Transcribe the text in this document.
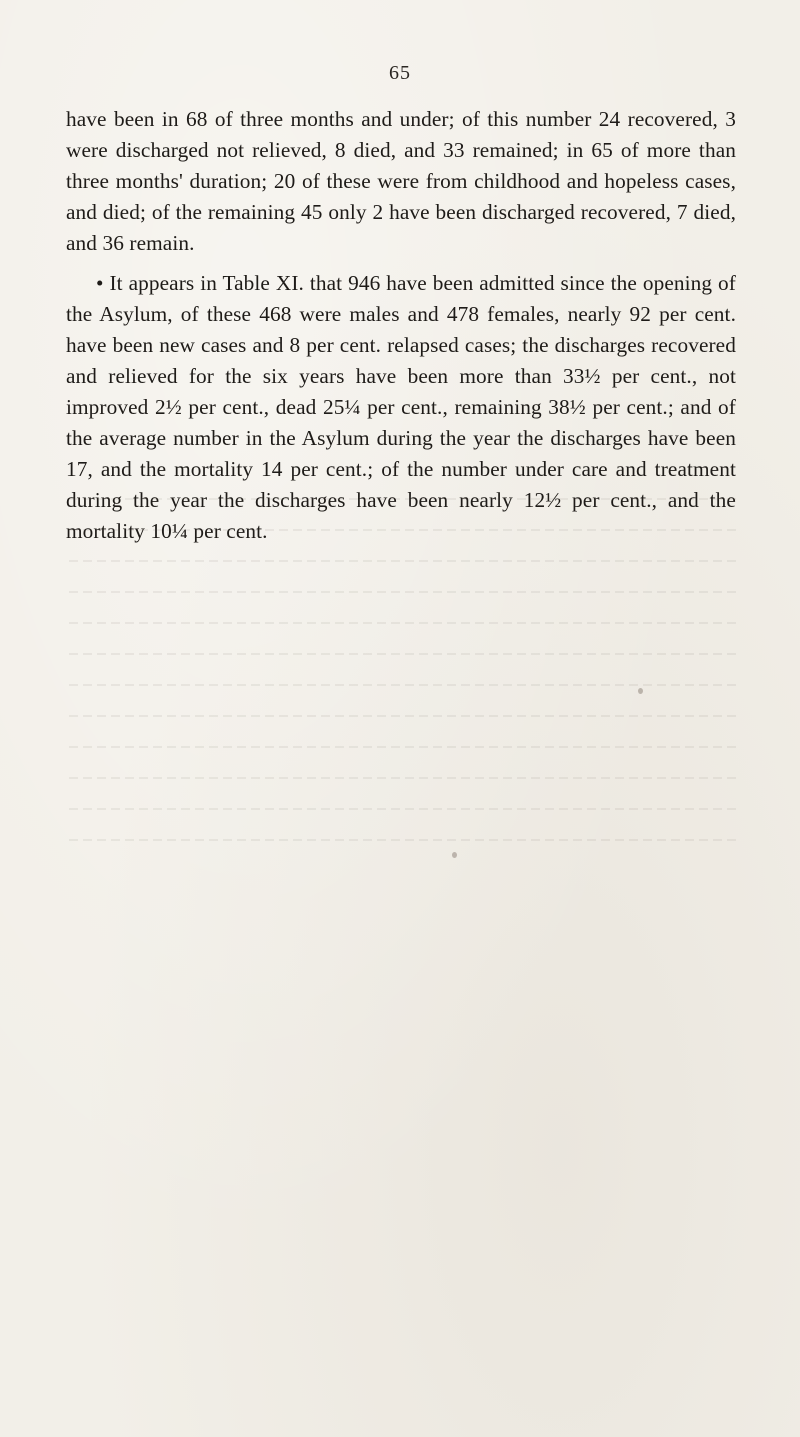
65

have been in 68 of three months and under; of this number 24 recovered, 3 were discharged not relieved, 8 died, and 33 remained; in 65 of more than three months' duration; 20 of these were from childhood and hopeless cases, and died; of the remaining 45 only 2 have been discharged recovered, 7 died, and 36 remain.

• It appears in Table XI. that 946 have been admitted since the opening of the Asylum, of these 468 were males and 478 females, nearly 92 per cent. have been new cases and 8 per cent. relapsed cases; the discharges recovered and relieved for the six years have been more than 33½ per cent., not improved 2½ per cent., dead 25¼ per cent., remaining 38½ per cent.; and of the average number in the Asylum during the year the discharges have been 17, and the mortality 14 per cent.; of the number under care and treatment during the year the discharges have been nearly 12½ per cent., and the mortality 10¼ per cent.
